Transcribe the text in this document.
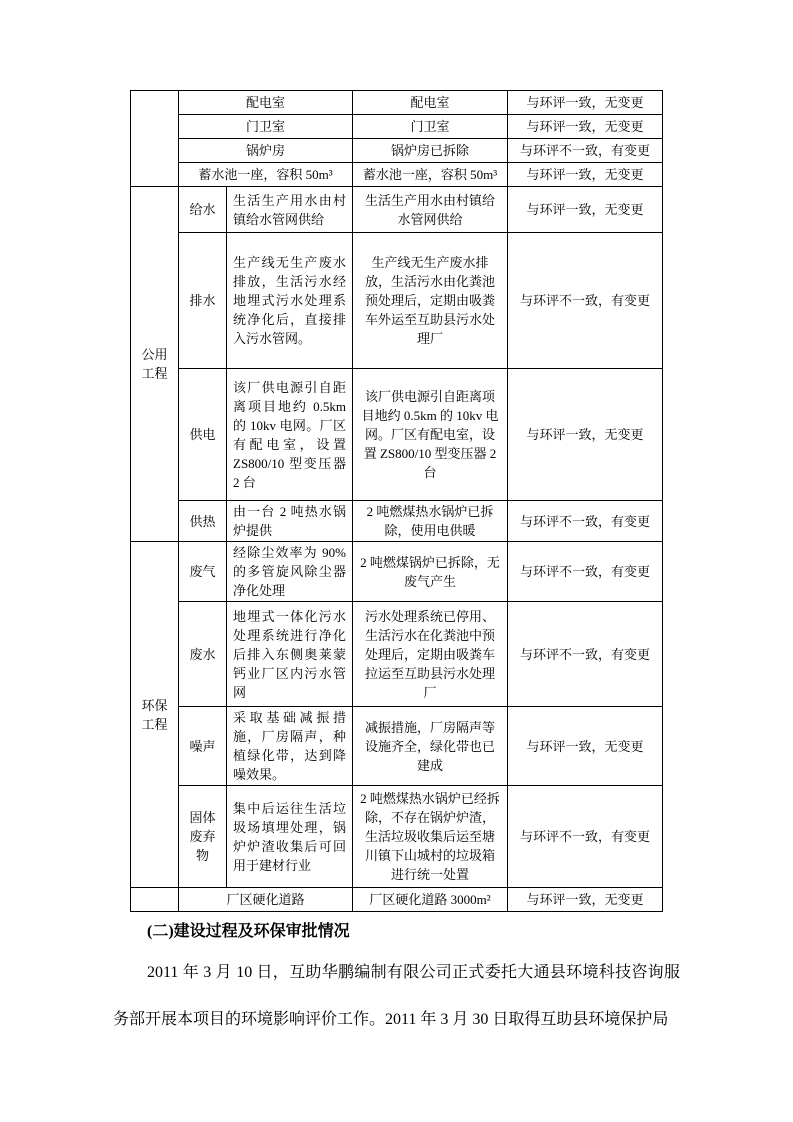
	配电室		配电室	与环评一致，无变更
	门卫室		门卫室	与环评一致，无变更
	锅炉房		锅炉房已拆除	与环评不一致，有变更
	蓄水池一座，容积 50m³		蓄水池一座，容积 50m³	与环评一致，无变更
公用工程	给水	生活生产用水由村镇给水管网供给	生活生产用水由村镇给水管网供给	与环评一致，无变更
	排水	生产线无生产废水排放，生活污水经地埋式污水处理系统净化后，直接排入污水管网。	生产线无生产废水排放，生活污水由化粪池预处理后，定期由吸粪车外运至互助县污水处理厂	与环评不一致，有变更
	供电	该厂供电源引自距离项目地约 0.5km 的 10kv 电网。厂区有配电室，设置 ZS800/10 型变压器 2 台	该厂供电源引自距离项目地约 0.5km 的 10kv 电网。厂区有配电室，设置 ZS800/10 型变压器 2 台	与环评一致，无变更
	供热	由一台 2 吨热水锅炉提供	2 吨燃煤热水锅炉已拆除，使用电供暖	与环评不一致，有变更
环保工程	废气	经除尘效率为 90%的多管旋风除尘器净化处理	2 吨燃煤锅炉已拆除，无废气产生	与环评不一致，有变更
	废水	地埋式一体化污水处理系统进行净化后排入东侧奥莱蒙钙业厂区内污水管网	污水处理系统已停用、生活污水在化粪池中预处理后，定期由吸粪车拉运至互助县污水处理厂	与环评不一致，有变更
	噪声	采取基础减振措施，厂房隔声，种植绿化带，达到降噪效果。	减振措施，厂房隔声等设施齐全，绿化带也已建成	与环评一致，无变更
	固体废弃物	集中后运往生活垃圾场填埋处理，锅炉炉渣收集后可回用于建材行业	2 吨燃煤热水锅炉已经拆除，不存在锅炉炉渣，生活垃圾收集后运至塘川镇下山城村的垃圾箱进行统一处置	与环评不一致，有变更
	厂区硬化道路		厂区硬化道路 3000m²	与环评一致，无变更
(二)建设过程及环保审批情况
2011 年 3 月 10 日，互助华鹏编制有限公司正式委托大通县环境科技咨询服务部开展本项目的环境影响评价工作。2011 年 3 月 30 日取得互助县环境保护局
